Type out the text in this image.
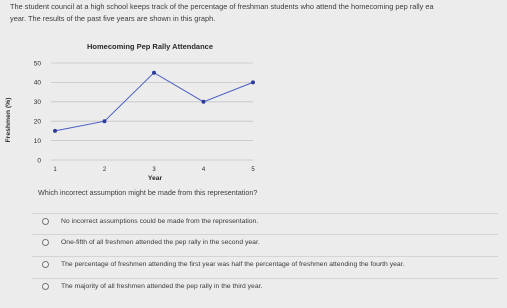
The student council at a high school keeps track of the percentage of freshman students who attend the homecoming pep rally ea
year. The results of the past five years are shown in this graph.
Homecoming Pep Rally Attendance
Freshmen (%)
Year
0
10
20
30
40
50
1	2	3	4	5
Which incorrect assumption might be made from this representation?
No incorrect assumptions could be made from the representation.
One-fifth of all freshmen attended the pep rally in the second year.
The percentage of freshmen attending the first year was half the percentage of freshmen attending the fourth year.
The majority of all freshmen attended the pep rally in the third year.
